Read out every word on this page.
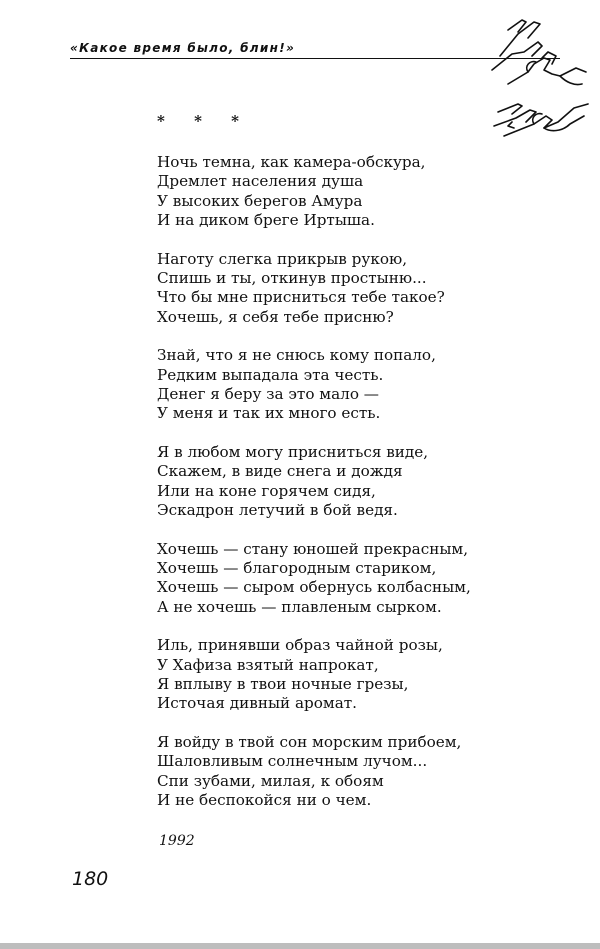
«Какое время было, блин!»
* * *
Ночь темна, как камера-обскура,
Дремлет населения душа
У высоких берегов Амура
И на диком бреге Иртыша.
Наготу слегка прикрыв рукою,
Спишь и ты, откинув простыню...
Что бы мне присниться тебе такое?
Хочешь, я себя тебе присню?
Знай, что я не снюсь кому попало,
Редким выпадала эта честь.
Денег я беру за это мало —
У меня и так их много есть.
Я в любом могу присниться виде,
Скажем, в виде снега и дождя
Или на коне горячем сидя,
Эскадрон летучий в бой ведя.
Хочешь — стану юношей прекрасным,
Хочешь — благородным стариком,
Хочешь — сыром обернусь колбасным,
А не хочешь — плавленым сырком.
Иль, принявши образ чайной розы,
У Хафиза взятый напрокат,
Я вплыву в твои ночные грезы,
Источая дивный аромат.
Я войду в твой сон морским прибоем,
Шаловливым солнечным лучом...
Спи зубами, милая, к обоям
И не беспокойся ни о чем.
1992
180
